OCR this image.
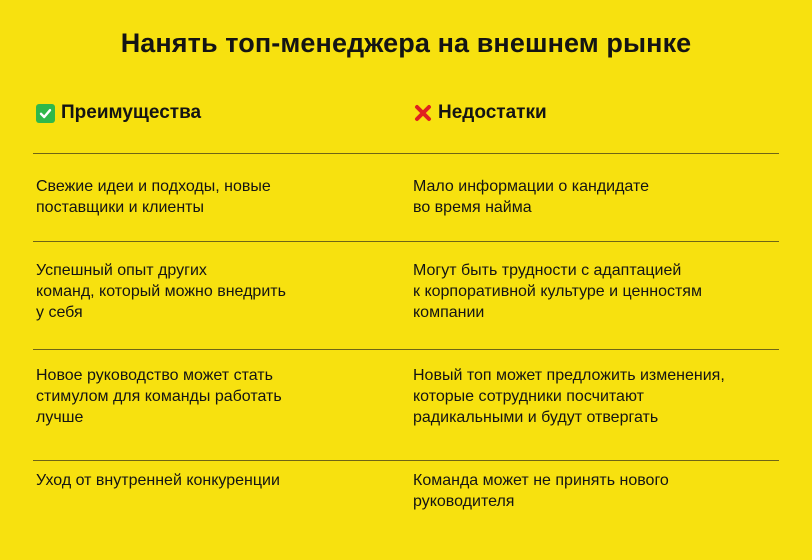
Нанять топ-менеджера на внешнем рынке
Преимущества	Недостатки
Свежие идеи и подходы, новые
поставщики и клиенты
Мало информации о кандидате
во время найма
Успешный опыт других
команд, который можно внедрить
у себя
Могут быть трудности с адаптацией
к корпоративной культуре и ценностям
компании
Новое руководство может стать
стимулом для команды работать
лучше
Новый топ может предложить изменения,
которые сотрудники посчитают
радикальными и будут отвергать
Уход от внутренней конкуренции	Команда может не принять нового
руководителя
